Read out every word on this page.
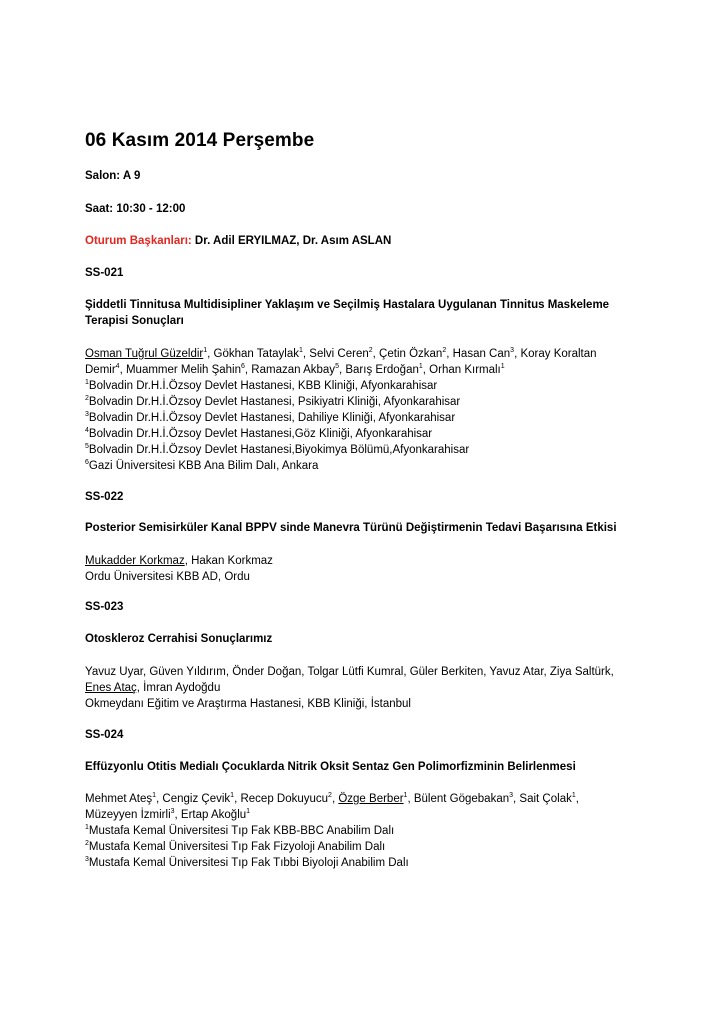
06 Kasım 2014 Perşembe
Salon: A 9
Saat: 10:30 - 12:00
Oturum Başkanları: Dr. Adil ERYILMAZ, Dr. Asım ASLAN
SS-021
Şiddetli Tinnitusa Multidisipliner Yaklaşım ve Seçilmiş Hastalara Uygulanan Tinnitus Maskeleme Terapisi Sonuçları
Osman Tuğrul Güzeldir$^1$, Gökhan Tataylak$^1$, Selvi Ceren$^2$, Çetin Özkan$^2$, Hasan Can$^3$, Koray Koraltan
Demir$^4$, Muammer Melih Şahin$^6$, Ramazan Akbay$^5$, Barış Erdoğan$^1$, Orhan Kırmalı$^1$
$^1$Bolvadin Dr.H.İ.Özsoy Devlet Hastanesi, KBB Kliniği, Afyonkarahisar
$^2$Bolvadin Dr.H.İ.Özsoy Devlet Hastanesi, Psikiyatri Kliniği, Afyonkarahisar
$^3$Bolvadin Dr.H.İ.Özsoy Devlet Hastanesi, Dahiliye Kliniği, Afyonkarahisar
$^4$Bolvadin Dr.H.İ.Özsoy Devlet Hastanesi,Göz Kliniği, Afyonkarahisar
$^5$Bolvadin Dr.H.İ.Özsoy Devlet Hastanesi,Biyokimya Bölümü,Afyonkarahisar
$^6$Gazi Üniversitesi KBB Ana Bilim Dalı, Ankara
SS-022
Posterior Semisirküler Kanal BPPV sinde Manevra Türünü Değiştirmenin Tedavi Başarısına Etkisi
Mukadder Korkmaz, Hakan Korkmaz
Ordu Üniversitesi KBB AD, Ordu
SS-023
Otoskleroz Cerrahisi Sonuçlarımız
Yavuz Uyar, Güven Yıldırım, Önder Doğan, Tolgar Lütfi Kumral, Güler Berkiten, Yavuz Atar, Ziya Saltürk,
Enes Ataç, İmran Aydoğdu
Okmeydanı Eğitim ve Araştırma Hastanesi, KBB Kliniği, İstanbul
SS-024
Effüzyonlu Otitis Medialı Çocuklarda Nitrik Oksit Sentaz Gen Polimorfizminin Belirlenmesi
Mehmet Ateş$^1$, Cengiz Çevik$^1$, Recep Dokuyucu$^2$, Özge Berber$^1$, Bülent Gögebakan$^3$, Sait Çolak$^1$,
Müzeyyen İzmirli$^3$, Ertap Akoğlu$^1$
$^1$Mustafa Kemal Üniversitesi Tıp Fak KBB-BBC Anabilim Dalı
$^2$Mustafa Kemal Üniversitesi Tıp Fak Fizyoloji Anabilim Dalı
$^3$Mustafa Kemal Üniversitesi Tıp Fak Tıbbi Biyoloji Anabilim Dalı
